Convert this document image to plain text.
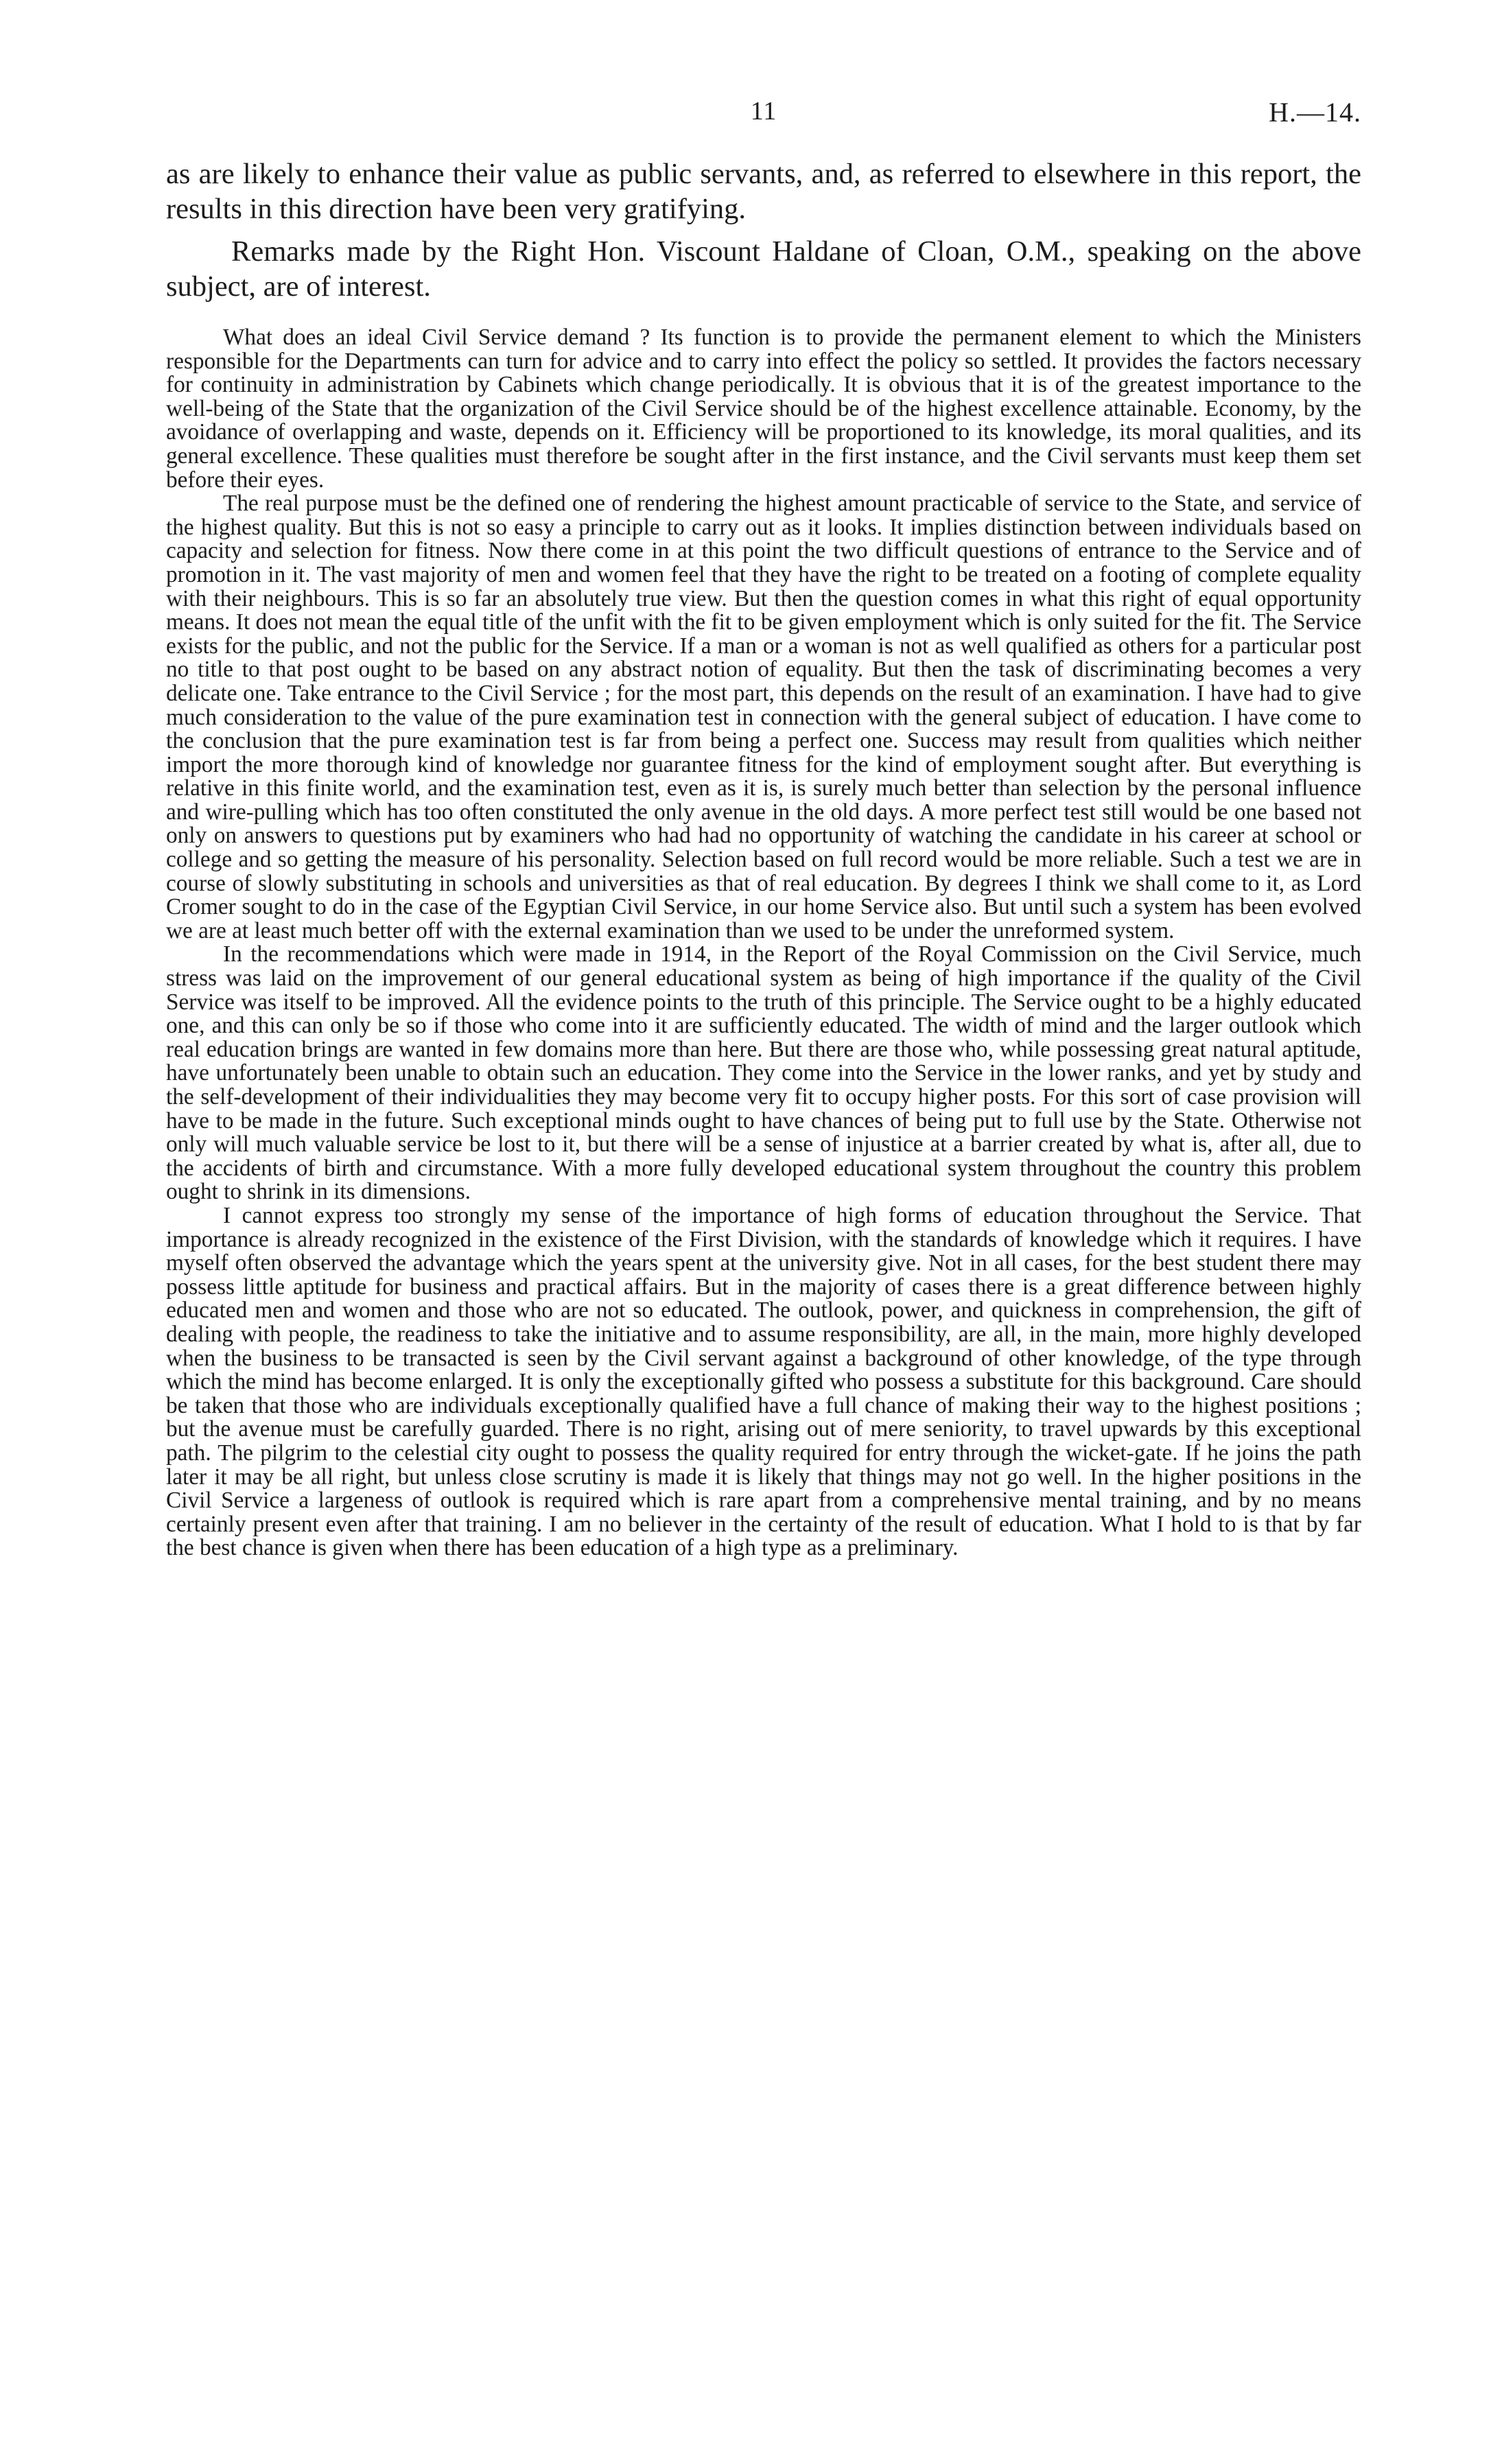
11	H.—14.

as are likely to enhance their value as public servants, and, as referred to elsewhere in this report, the results in this direction have been very gratifying.

Remarks made by the Right Hon. Viscount Haldane of Cloan, O.M., speaking on the above subject, are of interest.

What does an ideal Civil Service demand ? Its function is to provide the permanent element to which the Ministers responsible for the Departments can turn for advice and to carry into effect the policy so settled. It provides the factors necessary for continuity in administration by Cabinets which change periodically. It is obvious that it is of the greatest importance to the well-being of the State that the organization of the Civil Service should be of the highest excellence attainable. Economy, by the avoidance of overlapping and waste, depends on it. Efficiency will be proportioned to its knowledge, its moral qualities, and its general excellence. These qualities must therefore be sought after in the first instance, and the Civil servants must keep them set before their eyes.

The real purpose must be the defined one of rendering the highest amount practicable of service to the State, and service of the highest quality. But this is not so easy a principle to carry out as it looks. It implies distinction between individuals based on capacity and selection for fitness. Now there come in at this point the two difficult questions of entrance to the Service and of promotion in it. The vast majority of men and women feel that they have the right to be treated on a footing of complete equality with their neighbours. This is so far an absolutely true view. But then the question comes in what this right of equal opportunity means. It does not mean the equal title of the unfit with the fit to be given employment which is only suited for the fit. The Service exists for the public, and not the public for the Service. If a man or a woman is not as well qualified as others for a particular post no title to that post ought to be based on any abstract notion of equality. But then the task of discriminating becomes a very delicate one. Take entrance to the Civil Service ; for the most part, this depends on the result of an examination. I have had to give much consideration to the value of the pure examination test in connection with the general subject of education. I have come to the conclusion that the pure examination test is far from being a perfect one. Success may result from qualities which neither import the more thorough kind of knowledge nor guarantee fitness for the kind of employment sought after. But everything is relative in this finite world, and the examination test, even as it is, is surely much better than selection by the personal influence and wire-pulling which has too often constituted the only avenue in the old days. A more perfect test still would be one based not only on answers to questions put by examiners who had had no opportunity of watching the candidate in his career at school or college and so getting the measure of his personality. Selection based on full record would be more reliable. Such a test we are in course of slowly substituting in schools and universities as that of real education. By degrees I think we shall come to it, as Lord Cromer sought to do in the case of the Egyptian Civil Service, in our home Service also. But until such a system has been evolved we are at least much better off with the external examination than we used to be under the unreformed system.

In the recommendations which were made in 1914, in the Report of the Royal Commission on the Civil Service, much stress was laid on the improvement of our general educational system as being of high importance if the quality of the Civil Service was itself to be improved. All the evidence points to the truth of this principle. The Service ought to be a highly educated one, and this can only be so if those who come into it are sufficiently educated. The width of mind and the larger outlook which real education brings are wanted in few domains more than here. But there are those who, while possessing great natural aptitude, have unfortunately been unable to obtain such an education. They come into the Service in the lower ranks, and yet by study and the self-development of their individualities they may become very fit to occupy higher posts. For this sort of case provision will have to be made in the future. Such exceptional minds ought to have chances of being put to full use by the State. Otherwise not only will much valuable service be lost to it, but there will be a sense of injustice at a barrier created by what is, after all, due to the accidents of birth and circumstance. With a more fully developed educational system throughout the country this problem ought to shrink in its dimensions.

I cannot express too strongly my sense of the importance of high forms of education throughout the Service. That importance is already recognized in the existence of the First Division, with the standards of knowledge which it requires. I have myself often observed the advantage which the years spent at the university give. Not in all cases, for the best student there may possess little aptitude for business and practical affairs. But in the majority of cases there is a great difference between highly educated men and women and those who are not so educated. The outlook, power, and quickness in comprehension, the gift of dealing with people, the readiness to take the initiative and to assume responsibility, are all, in the main, more highly developed when the business to be transacted is seen by the Civil servant against a background of other knowledge, of the type through which the mind has become enlarged. It is only the exceptionally gifted who possess a substitute for this background. Care should be taken that those who are individuals exceptionally qualified have a full chance of making their way to the highest positions ; but the avenue must be carefully guarded. There is no right, arising out of mere seniority, to travel upwards by this exceptional path. The pilgrim to the celestial city ought to possess the quality required for entry through the wicket-gate. If he joins the path later it may be all right, but unless close scrutiny is made it is likely that things may not go well. In the higher positions in the Civil Service a largeness of outlook is required which is rare apart from a comprehensive mental training, and by no means certainly present even after that training. I am no believer in the certainty of the result of education. What I hold to is that by far the best chance is given when there has been education of a high type as a preliminary.
